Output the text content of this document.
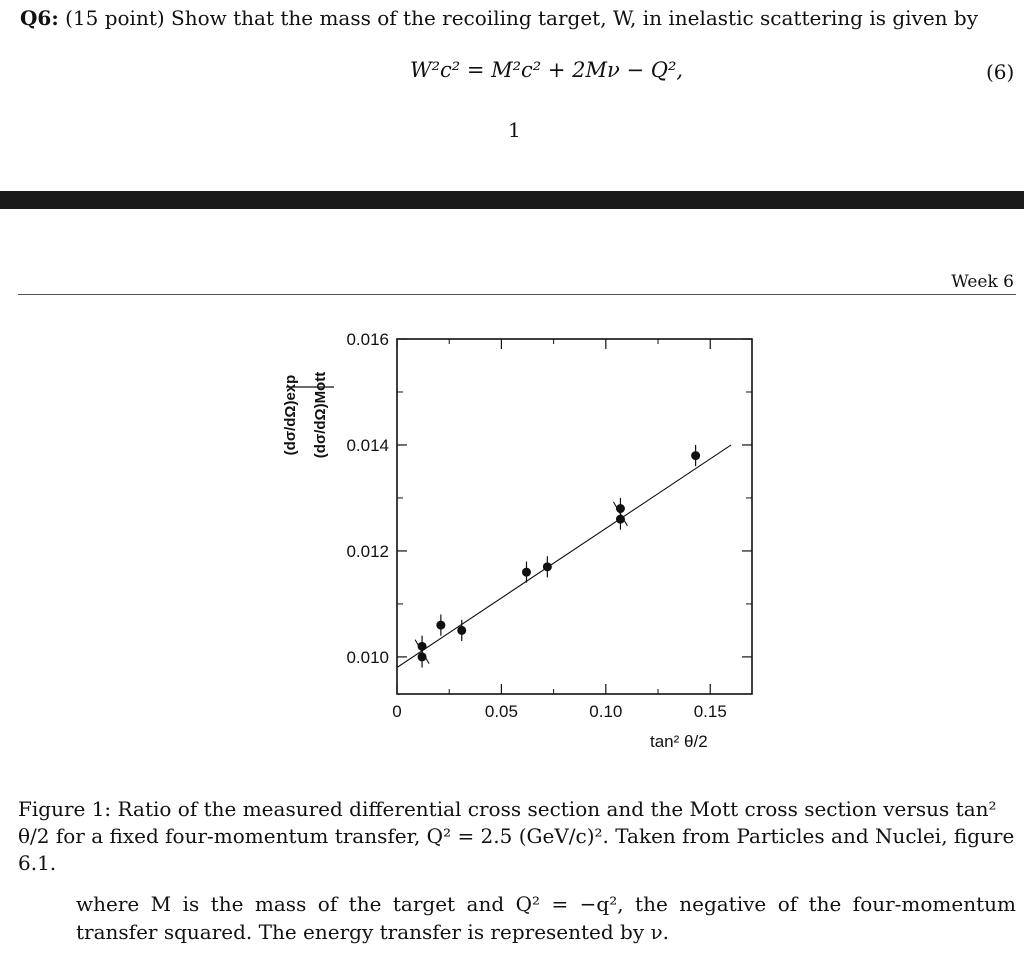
Q6: (15 point) Show that the mass of the recoiling target, W, in inelastic scattering is given by
W²c² = M²c² + 2Mν − Q²,	(6)
1
Week 6
(dσ/dΩ)exp (dσ/dΩ)Mott
tan² θ/2
0	0.05	0.10	0.15
0.010
0.012
0.014
0.016
Figure 1: Ratio of the measured differential cross section and the Mott cross section versus tan² θ/2 for a fixed four-momentum transfer, Q² = 2.5 (GeV/c)². Taken from Particles and Nuclei, figure 6.1.
where M is the mass of the target and Q² = −q², the negative of the four-momentum transfer squared. The energy transfer is represented by ν.
